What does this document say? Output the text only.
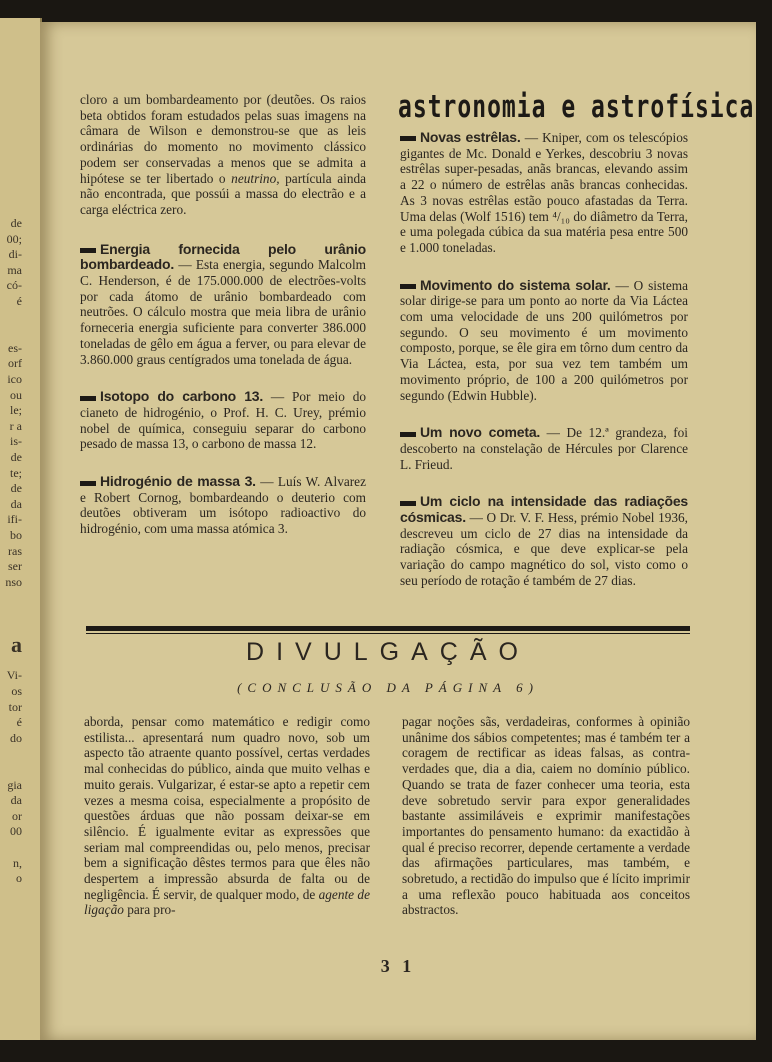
de
00;
di-
ma
có-
é
es-
orf
ico
ou
le;
r a
is-
de
te;
de
da
ifi-
bo
ras
ser
nso
a
Vi-
os
tor
é
do
gia
da
or
00
n,
o

cloro a um bombardeamento por (deutões. Os raios beta obtidos foram estudados pelas suas imagens na câmara de Wilson e demonstrou-se que as leis ordinárias do momento no movimento clássico podem ser conservadas a menos que se admita a hipótese se ter libertado o neutrino, partícula ainda não encontrada, que possúi a massa do electrão e a carga eléctrica zero.

Energia fornecida pelo urânio bombardeado. — Esta energia, segundo Malcolm C. Henderson, é de 175.000.000 de electrões-volts por cada átomo de urânio bombardeado com neutrões. O cálculo mostra que meia libra de urânio forneceria energia suficiente para converter 386.000 toneladas de gêlo em água a ferver, ou para elevar de 3.860.000 graus centígrados uma tonelada de água.

Isotopo do carbono 13. — Por meio do cianeto de hidrogénio, o Prof. H. C. Urey, prémio nobel de química, conseguiu separar do carbono pesado de massa 13, o carbono de massa 12.

Hidrogénio de massa 3. — Luís W. Alvarez e Robert Cornog, bombardeando o deuterio com deutões obtiveram um isótopo radioactivo do hidrogénio, com uma massa atómica 3.

astronomia e astrofísica

Novas estrêlas. — Kniper, com os telescópios gigantes de Mc. Donald e Yerkes, descobriu 3 novas estrêlas super-pesadas, anãs brancas, elevando assim a 22 o número de estrêlas anãs brancas conhecidas. As 3 novas estrêlas estão pouco afastadas da Terra. Uma delas (Wolf 1516) tem ⁴/₁₀ do diâmetro da Terra, e uma polegada cúbica da sua matéria pesa entre 500 e 1.000 toneladas.

Movimento do sistema solar. — O sistema solar dirige-se para um ponto ao norte da Via Láctea com uma velocidade de uns 200 quilómetros por segundo. O seu movimento é um movimento composto, porque, se êle gira em tôrno dum centro da Via Láctea, esta, por sua vez tem também um movimento próprio, de 100 a 200 quilómetros por segundo (Edwin Hubble).

Um novo cometa. — De 12.ª grandeza, foi descoberto na constelação de Hércules por Clarence L. Frieud.

Um ciclo na intensidade das radiações cósmicas. — O Dr. V. F. Hess, prémio Nobel 1936, descreveu um ciclo de 27 dias na intensidade da radiação cósmica, e que deve explicar-se pela variação do campo magnético do sol, visto como o seu período de rotação é também de 27 dias.

DIVULGAÇÃO
(CONCLUSÃO DA PÁGINA 6)
aborda, pensar como matemático e redigir como estilista... apresentará num quadro novo, sob um aspecto tão atraente quanto possível, certas verdades mal conhecidas do público, ainda que muito velhas e muito gerais. Vulgarizar, é estar-se apto a repetir cem vezes a mesma coisa, especialmente a propósito de questões árduas que não possam deixar-se em silêncio. É igualmente evitar as expressões que seriam mal compreendidas ou, pelo menos, precisar bem a significação dêstes termos para que êles não despertem a impressão absurda de falta ou de negligência. É servir, de qualquer modo, de agente de ligação para pro-
pagar noções sãs, verdadeiras, conformes à opinião unânime dos sábios competentes; mas é também ter a coragem de rectificar as ideas falsas, as contra-verdades que, dia a dia, caiem no domínio público. Quando se trata de fazer conhecer uma teoria, esta deve sobretudo servir para expor generalidades bastante assimiláveis e exprimir manifestações importantes do pensamento humano: da exactidão à qual é preciso recorrer, depende certamente a verdade das afirmações particulares, mas também, e sobretudo, a rectidão do impulso que é lícito imprimir a uma reflexão pouco habituada aos conceitos abstractos.
3 1
